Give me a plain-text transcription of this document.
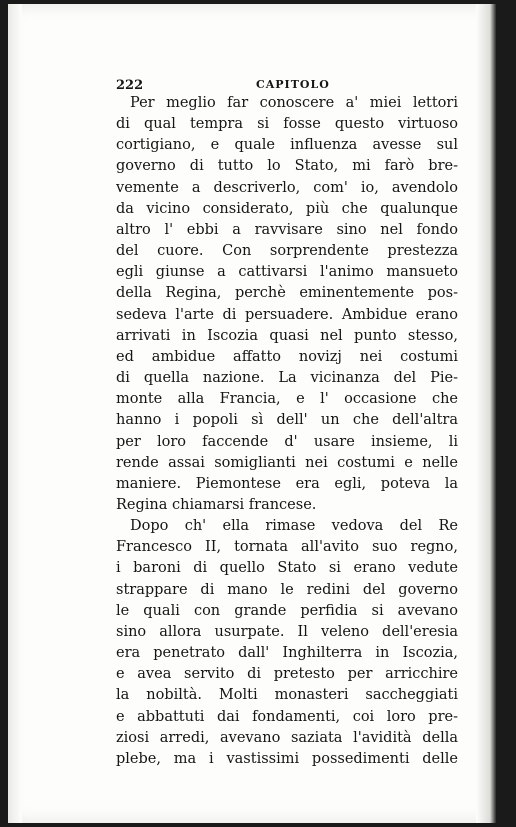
222	CAPITOLO
Per meglio far conoscere a' miei lettori
di qual tempra si fosse questo virtuoso
cortigiano, e quale influenza avesse sul
governo di tutto lo Stato, mi farò bre-
vemente a descriverlo, com' io, avendolo
da vicino considerato, più che qualunque
altro l' ebbi a ravvisare sino nel fondo
del cuore. Con sorprendente prestezza
egli giunse a cattivarsi l'animo mansueto
della Regina, perchè eminentemente pos-
sedeva l'arte di persuadere. Ambidue erano
arrivati in Iscozia quasi nel punto stesso,
ed ambidue affatto novizj nei costumi
di quella nazione. La vicinanza del Pie-
monte alla Francia, e l' occasione che
hanno i popoli sì dell' un che dell'altra
per loro faccende d' usare insieme, li
rende assai somiglianti nei costumi e nelle
maniere. Piemontese era egli, poteva la
Regina chiamarsi francese.
Dopo ch' ella rimase vedova del Re
Francesco II, tornata all'avito suo regno,
i baroni di quello Stato si erano vedute
strappare di mano le redini del governo
le quali con grande perfidia si avevano
sino allora usurpate. Il veleno dell'eresia
era penetrato dall' Inghilterra in Iscozia,
e avea servito di pretesto per arricchire
la nobiltà. Molti monasteri saccheggiati
e abbattuti dai fondamenti, coi loro pre-
ziosi arredi, avevano saziata l'avidità della
plebe, ma i vastissimi possedimenti delle
